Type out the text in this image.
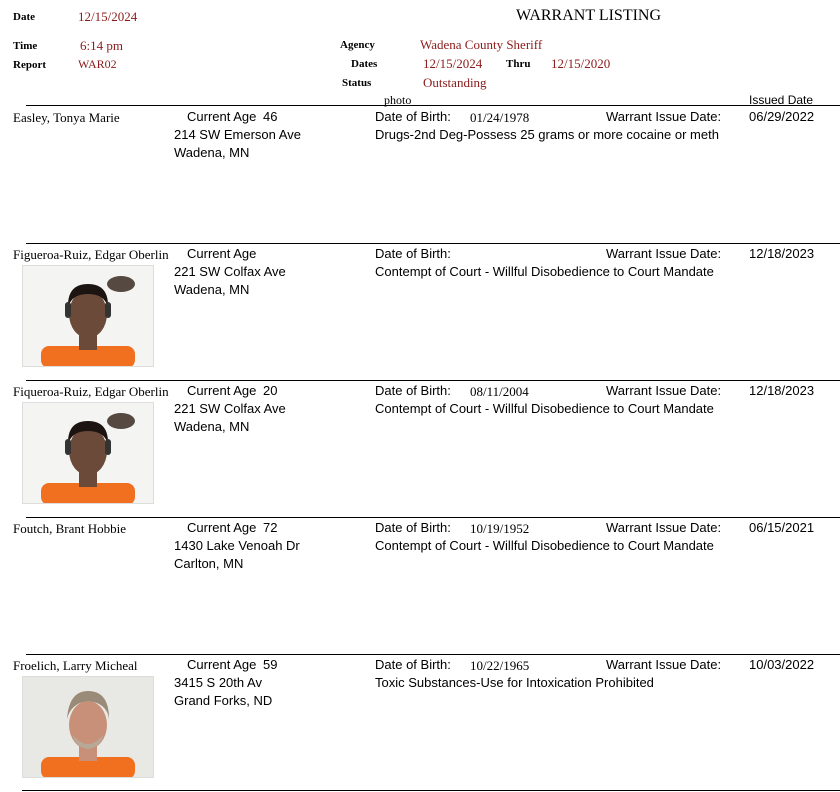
Date	12/15/2024	WARRANT LISTING
Time	6:14 pm
Report	WAR02
Agency	Wadena County Sheriff
Dates	12/15/2024 Thru 12/15/2020
Status	Outstanding
photo	Issued Date
Easley, Tonya Marie	Current Age 46
214 SW Emerson Ave
Wadena, MN
Date of Birth: 01/24/1978
Drugs-2nd Deg-Possess 25 grams or more cocaine or meth
Warrant Issue Date: 06/29/2022
Figueroa-Ruiz, Edgar Oberlin Current Age
221 SW Colfax Ave
Wadena, MN
Date of Birth:
Contempt of Court - Willful Disobedience to Court Mandate
Warrant Issue Date: 12/18/2023
Fiqueroa-Ruiz, Edgar Oberlin Current Age 20
221 SW Colfax Ave
Wadena, MN
Date of Birth: 08/11/2004
Contempt of Court - Willful Disobedience to Court Mandate
Warrant Issue Date: 12/18/2023
Foutch, Brant Hobbie	Current Age 72
1430 Lake Venoah Dr
Carlton, MN
Date of Birth: 10/19/1952
Contempt of Court - Willful Disobedience to Court Mandate
Warrant Issue Date: 06/15/2021
Froelich, Larry Micheal	Current Age 59
3415 S 20th Av
Grand Forks, ND
Date of Birth: 10/22/1965
Toxic Substances-Use for Intoxication Prohibited
Warrant Issue Date: 10/03/2022
